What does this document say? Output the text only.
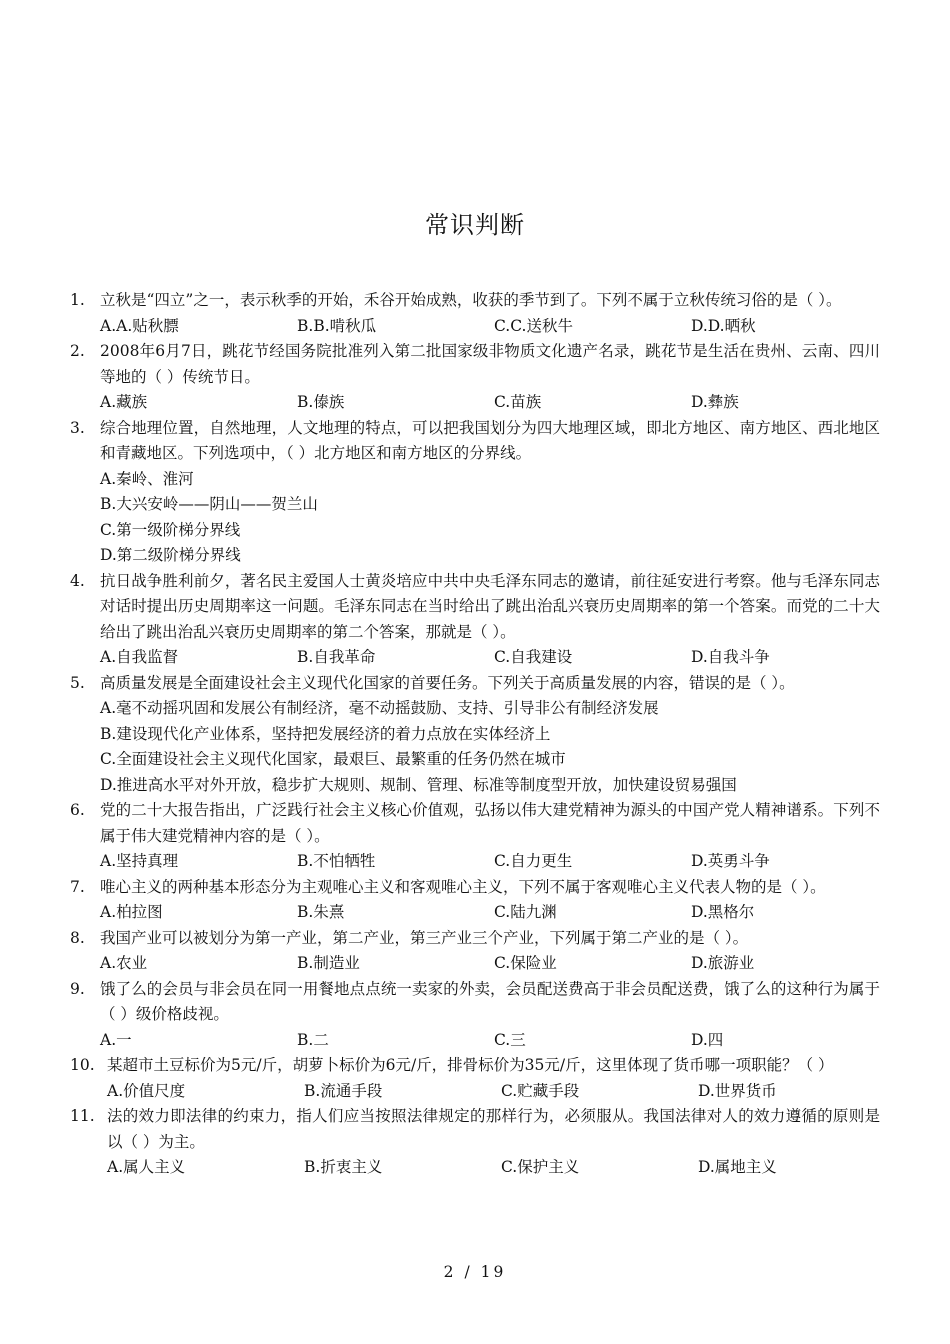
常识判断
1. 立秋是“四立”之一，表示秋季的开始，禾谷开始成熟，收获的季节到了。下列不属于立秋传统习俗的是（ ）。
A.A.贴秋膘	B.B.啃秋瓜	C.C.送秋牛	D.D.晒秋
2. 2008年6月7日，跳花节经国务院批准列入第二批国家级非物质文化遗产名录，跳花节是生活在贵州、云南、四川等地的（ ）传统节日。
A.藏族	B.傣族	C.苗族	D.彝族
3. 综合地理位置，自然地理，人文地理的特点，可以把我国划分为四大地理区域，即北方地区、南方地区、西北地区和青藏地区。下列选项中，（ ）北方地区和南方地区的分界线。
A.秦岭、淮河
B.大兴安岭——阴山——贺兰山
C.第一级阶梯分界线
D.第二级阶梯分界线
4. 抗日战争胜利前夕，著名民主爱国人士黄炎培应中共中央毛泽东同志的邀请，前往延安进行考察。他与毛泽东同志对话时提出历史周期率这一问题。毛泽东同志在当时给出了跳出治乱兴衰历史周期率的第一个答案。而党的二十大给出了跳出治乱兴衰历史周期率的第二个答案，那就是（ ）。
A.自我监督	B.自我革命	C.自我建设	D.自我斗争
5. 高质量发展是全面建设社会主义现代化国家的首要任务。下列关于高质量发展的内容，错误的是（ ）。
A.毫不动摇巩固和发展公有制经济，毫不动摇鼓励、支持、引导非公有制经济发展
B.建设现代化产业体系，坚持把发展经济的着力点放在实体经济上
C.全面建设社会主义现代化国家，最艰巨、最繁重的任务仍然在城市
D.推进高水平对外开放，稳步扩大规则、规制、管理、标准等制度型开放，加快建设贸易强国
6. 党的二十大报告指出，广泛践行社会主义核心价值观，弘扬以伟大建党精神为源头的中国产党人精神谱系。下列不属于伟大建党精神内容的是（ ）。
A.坚持真理	B.不怕牺牲	C.自力更生	D.英勇斗争
7. 唯心主义的两种基本形态分为主观唯心主义和客观唯心主义，下列不属于客观唯心主义代表人物的是（ ）。
A.柏拉图	B.朱熹	C.陆九渊	D.黑格尔
8. 我国产业可以被划分为第一产业，第二产业，第三产业三个产业，下列属于第二产业的是（ ）。
A.农业	B.制造业	C.保险业	D.旅游业
9. 饿了么的会员与非会员在同一用餐地点点统一卖家的外卖，会员配送费高于非会员配送费，饿了么的这种行为属于（ ）级价格歧视。
A.一	B.二	C.三	D.四
10. 某超市土豆标价为5元/斤，胡萝卜标价为6元/斤，排骨标价为35元/斤，这里体现了货币哪一项职能？（ ）
A.价值尺度	B.流通手段	C.贮藏手段	D.世界货币
11. 法的效力即法律的约束力，指人们应当按照法律规定的那样行为，必须服从。我国法律对人的效力遵循的原则是以（ ）为主。
A.属人主义	B.折衷主义	C.保护主义	D.属地主义
2 / 19
